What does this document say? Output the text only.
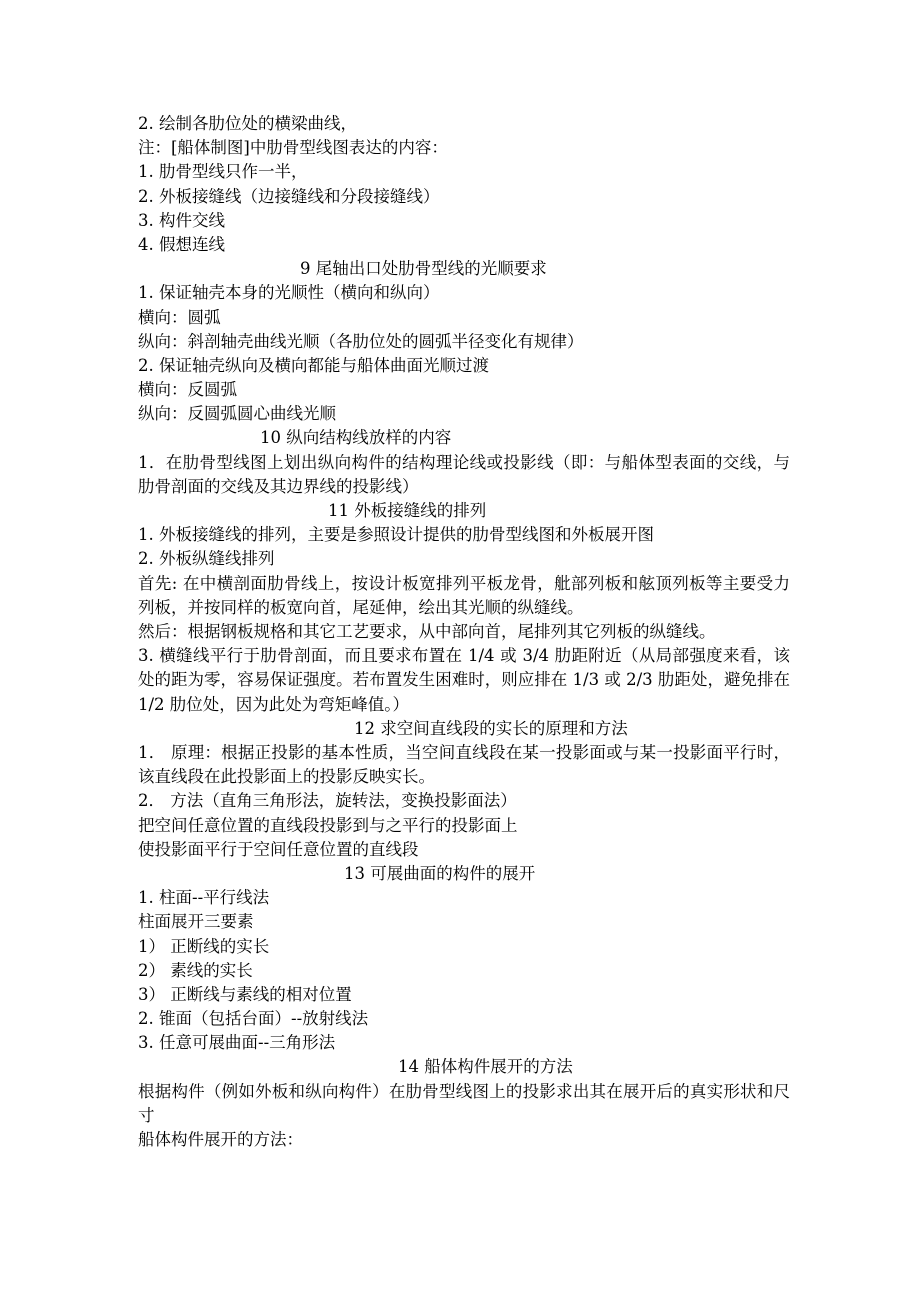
2. 绘制各肋位处的横梁曲线，
注：[船体制图]中肋骨型线图表达的内容：
1. 肋骨型线只作一半，
2. 外板接缝线（边接缝线和分段接缝线）
3. 构件交线
4. 假想连线
9 尾轴出口处肋骨型线的光顺要求
1. 保证轴壳本身的光顺性（横向和纵向）
横向：圆弧
纵向：斜剖轴壳曲线光顺（各肋位处的圆弧半径变化有规律）
2. 保证轴壳纵向及横向都能与船体曲面光顺过渡
横向：反圆弧
纵向：反圆弧圆心曲线光顺
10 纵向结构线放样的内容
1．在肋骨型线图上划出纵向构件的结构理论线或投影线（即：与船体型表面的交线，与肋骨剖面的交线及其边界线的投影线）
11 外板接缝线的排列
1. 外板接缝线的排列，主要是参照设计提供的肋骨型线图和外板展开图
2. 外板纵缝线排列
首先: 在中横剖面肋骨线上，按设计板宽排列平板龙骨，舭部列板和舷顶列板等主要受力列板，并按同样的板宽向首，尾延伸，绘出其光顺的纵缝线。
然后：根据钢板规格和其它工艺要求，从中部向首，尾排列其它列板的纵缝线。
3. 横缝线平行于肋骨剖面，而且要求布置在 1/4 或 3/4 肋距附近（从局部强度来看，该处的距为零，容易保证强度。若布置发生困难时，则应排在 1/3 或 2/3 肋距处，避免排在 1/2 肋位处，因为此处为弯矩峰值。）
12 求空间直线段的实长的原理和方法
1． 原理：根据正投影的基本性质，当空间直线段在某一投影面或与某一投影面平行时，该直线段在此投影面上的投影反映实长。
2． 方法（直角三角形法，旋转法，变换投影面法）
把空间任意位置的直线段投影到与之平行的投影面上
使投影面平行于空间任意位置的直线段
13 可展曲面的构件的展开
1. 柱面--平行线法
柱面展开三要素
1） 正断线的实长
2） 素线的实长
3） 正断线与素线的相对位置
2. 锥面（包括台面）--放射线法
3. 任意可展曲面--三角形法
14 船体构件展开的方法
根据构件（例如外板和纵向构件）在肋骨型线图上的投影求出其在展开后的真实形状和尺寸
船体构件展开的方法：
